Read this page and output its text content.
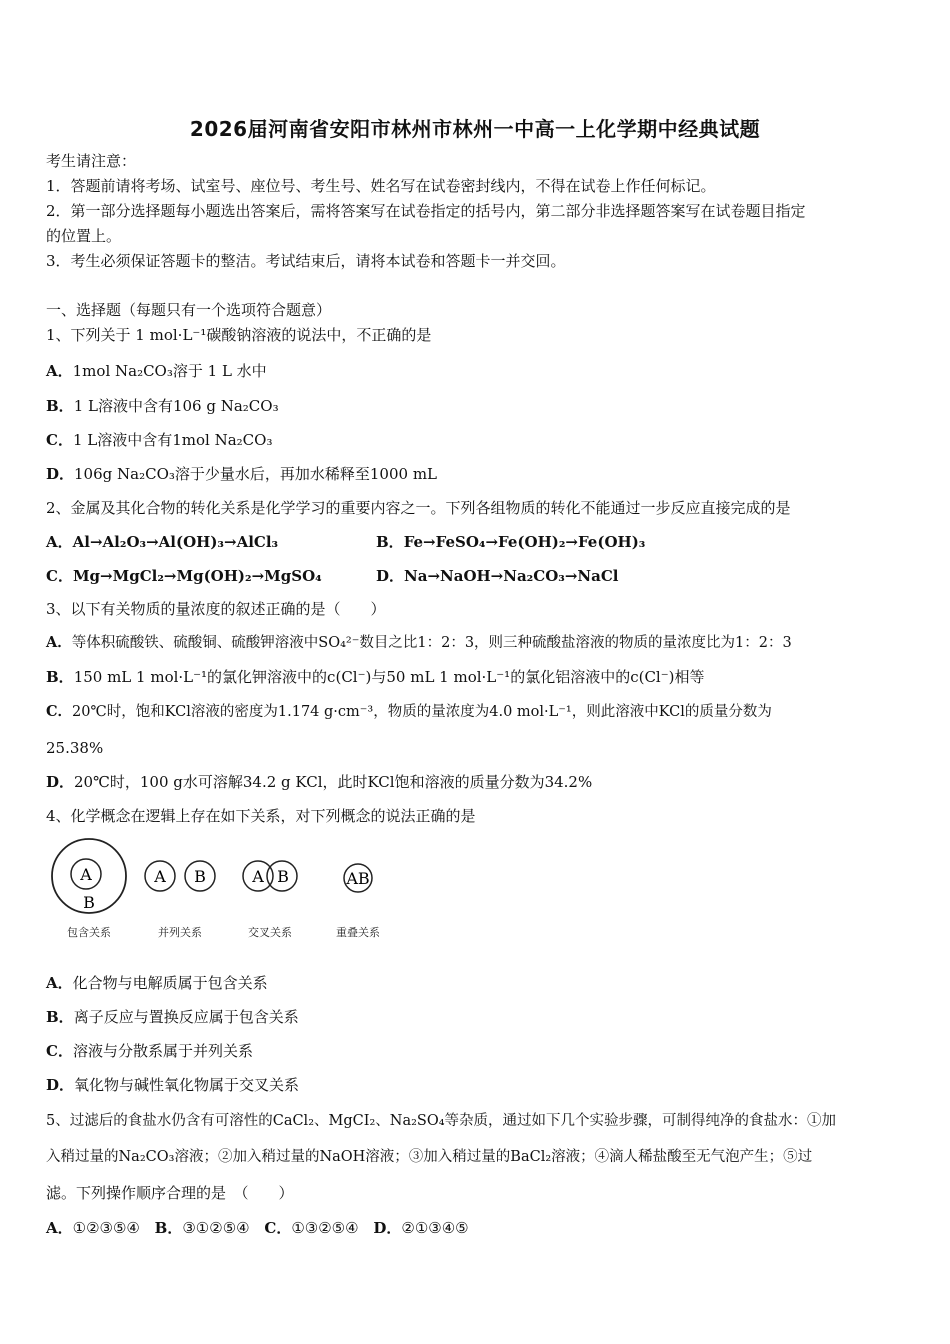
2026届河南省安阳市林州市林州一中高一上化学期中经典试题
考生请注意：
1．答题前请将考场、试室号、座位号、考生号、姓名写在试卷密封线内，不得在试卷上作任何标记。
2．第一部分选择题每小题选出答案后，需将答案写在试卷指定的括号内，第二部分非选择题答案写在试卷题目指定
的位置上。
3．考生必须保证答题卡的整洁。考试结束后，请将本试卷和答题卡一并交回。
一、选择题（每题只有一个选项符合题意）
1、下列关于 1 mol·L⁻¹碳酸钠溶液的说法中，不正确的是
A．1mol Na₂CO₃溶于 1 L 水中
B．1 L溶液中含有106 g Na₂CO₃
C．1 L溶液中含有1mol Na₂CO₃
D．106g Na₂CO₃溶于少量水后，再加水稀释至1000 mL
2、金属及其化合物的转化关系是化学学习的重要内容之一。下列各组物质的转化不能通过一步反应直接完成的是
A．Al→Al₂O₃→Al(OH)₃→AlCl₃	B．Fe→FeSO₄→Fe(OH)₂→Fe(OH)₃
C．Mg→MgCl₂→Mg(OH)₂→MgSO₄	D．Na→NaOH→Na₂CO₃→NaCl
3、以下有关物质的量浓度的叙述正确的是（　　）
A．等体积硫酸铁、硫酸铜、硫酸钾溶液中SO₄²⁻数目之比1：2：3，则三种硫酸盐溶液的物质的量浓度比为1：2：3
B．150 mL 1 mol·L⁻¹的氯化钾溶液中的c(Cl⁻)与50 mL 1 mol·L⁻¹的氯化铝溶液中的c(Cl⁻)相等
C．20℃时，饱和KCl溶液的密度为1.174 g·cm⁻³，物质的量浓度为4.0 mol·L⁻¹，则此溶液中KCl的质量分数为
25.38%
D．20℃时，100 g水可溶解34.2 g KCl，此时KCl饱和溶液的质量分数为34.2%
4、化学概念在逻辑上存在如下关系，对下列概念的说法正确的是
A
B
A B	A B	AB
包含关系	并列关系	交叉关系	重叠关系
A．化合物与电解质属于包含关系
B．离子反应与置换反应属于包含关系
C．溶液与分散系属于并列关系
D．氧化物与碱性氧化物属于交叉关系
5、过滤后的食盐水仍含有可溶性的CaCl₂、MgCI₂、Na₂SO₄等杂质，通过如下几个实验步骤，可制得纯净的食盐水：①加
入稍过量的Na₂CO₃溶液；②加入稍过量的NaOH溶液；③加入稍过量的BaCl₂溶液；④滴人稀盐酸至无气泡产生；⑤过
滤。下列操作顺序合理的是　（　　）
A．①②③⑤④ B．③①②⑤④ C．①③②⑤④ D．②①③④⑤
